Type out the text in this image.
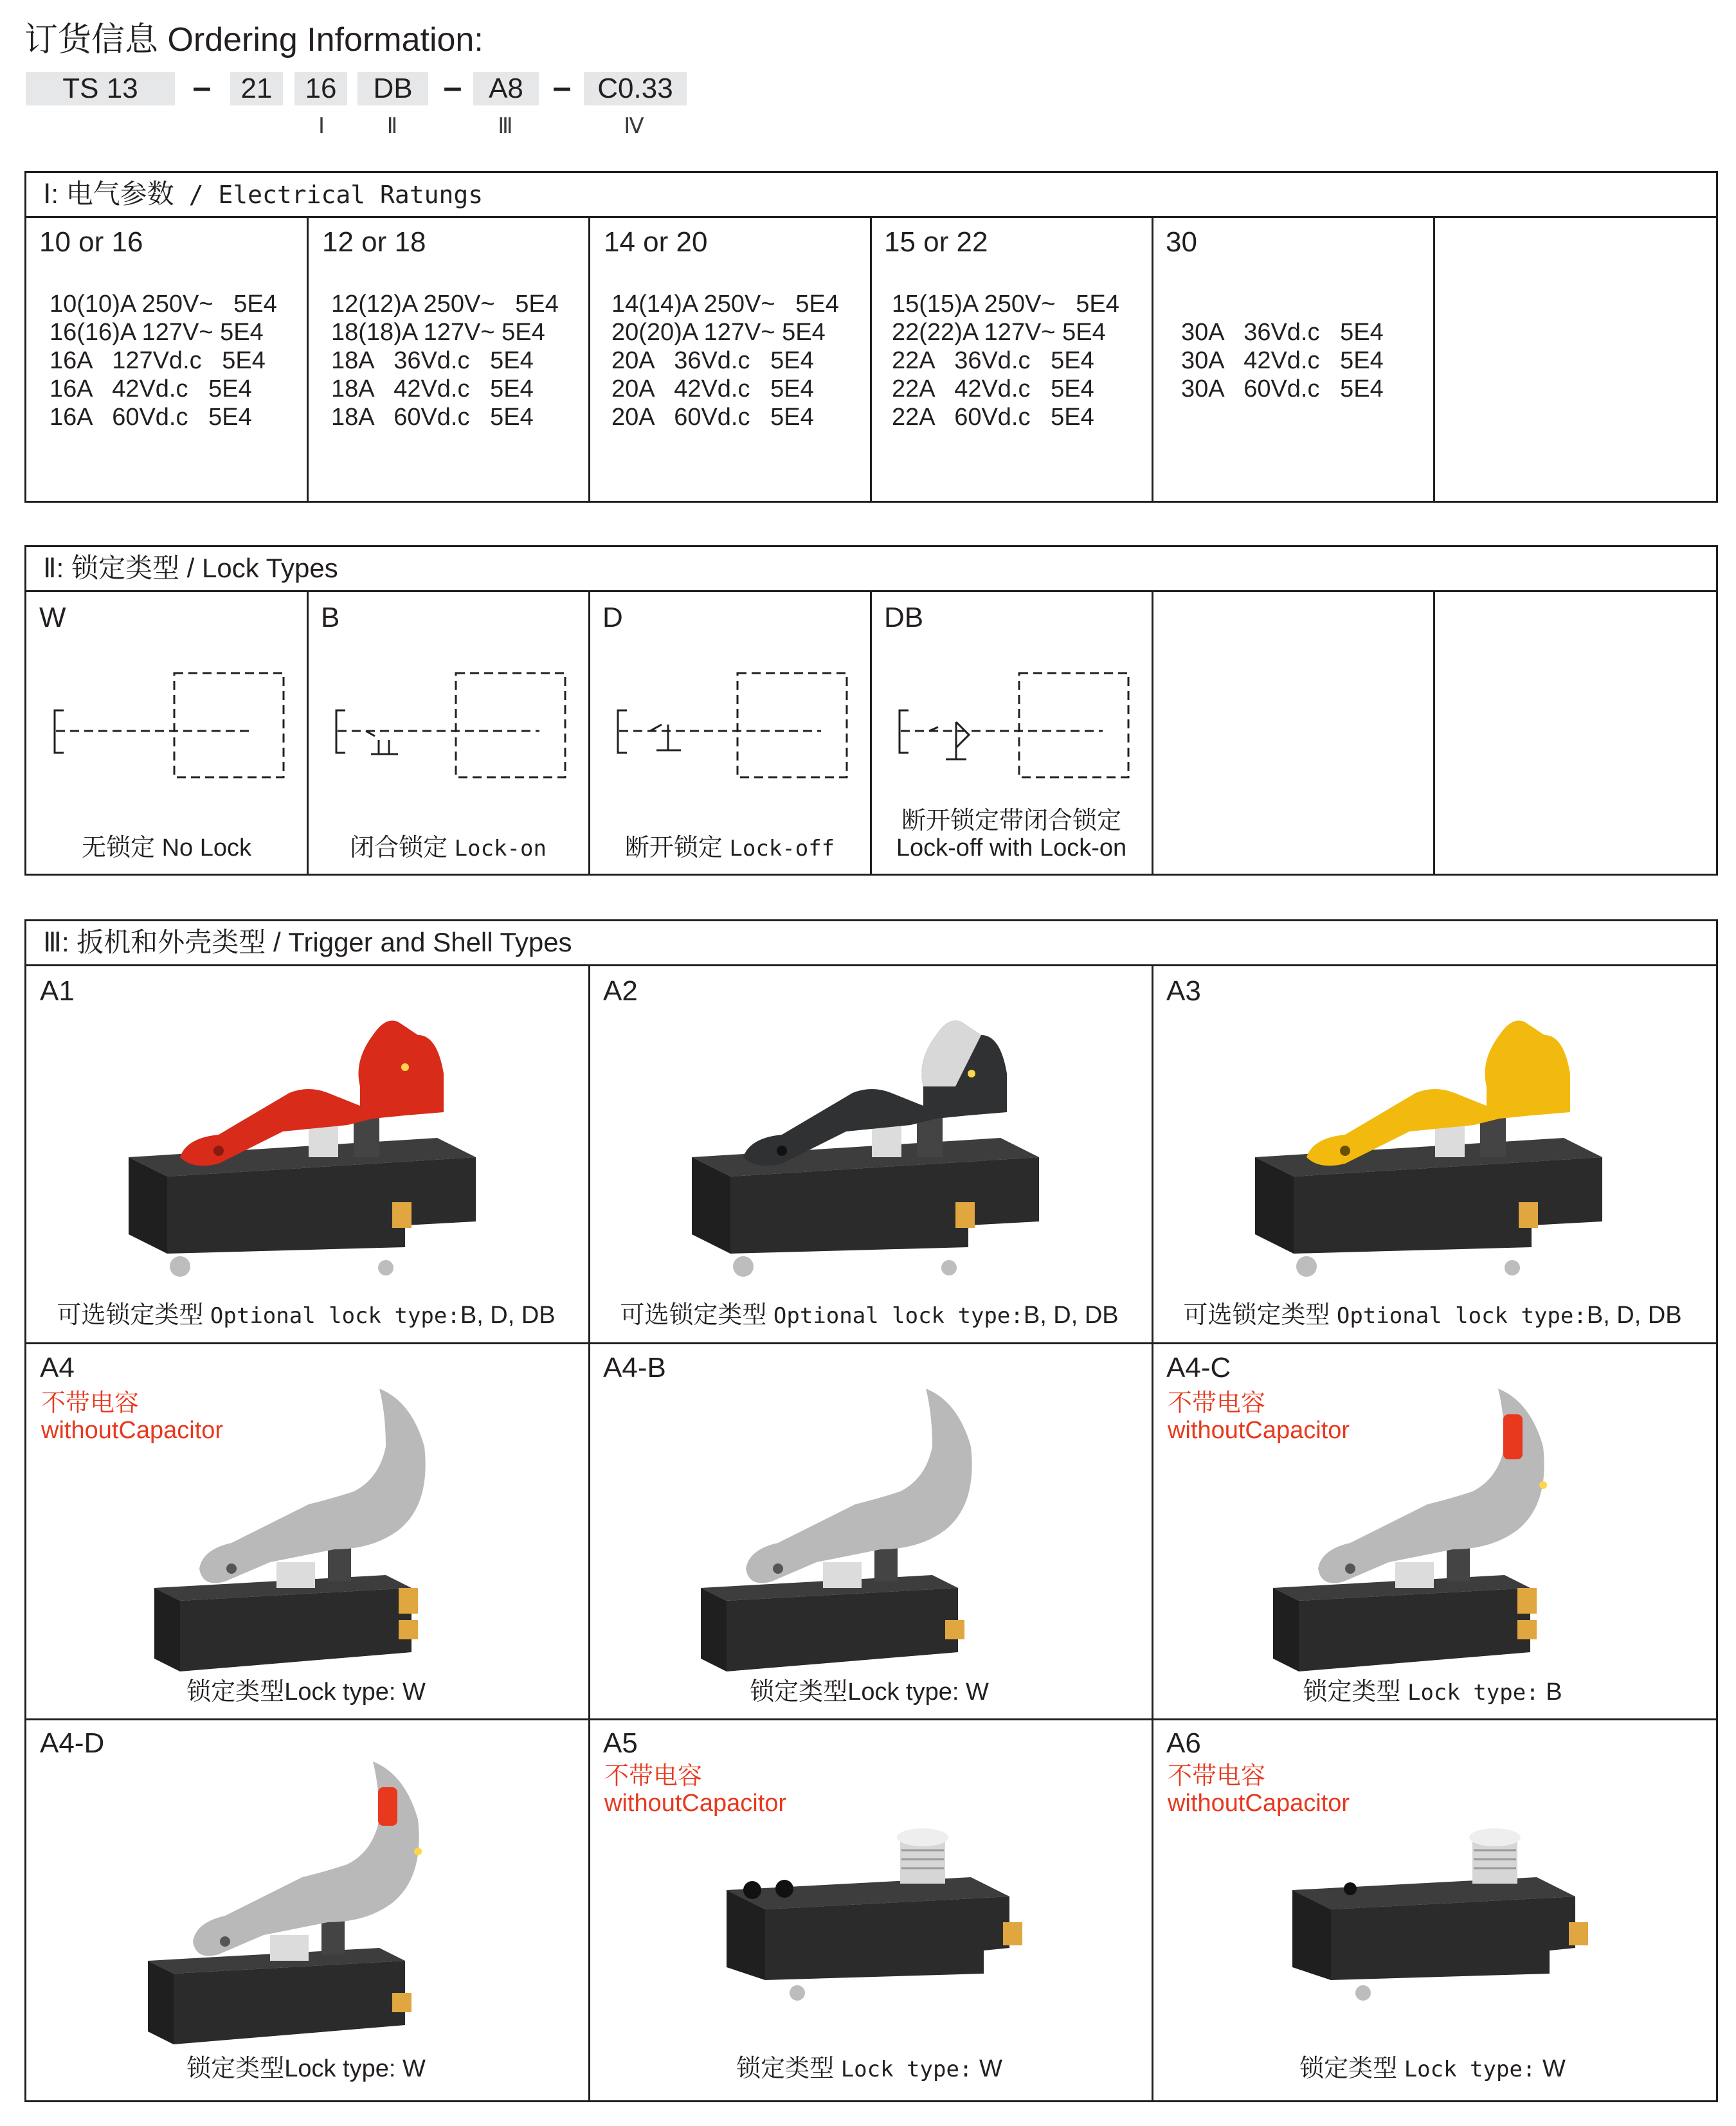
订货信息 Ordering Information:
TS 13	–	21	16	DB – A8 – C0.33
Ⅰ	Ⅱ	Ⅲ	Ⅳ
Ⅰ: 电气参数 / Electrical Ratungs
10 or 16
10(10)A 250V~   5E4
16(16)A 127V~ 5E4
16A   127Vd.c   5E4
16A   42Vd.c   5E4
16A   60Vd.c   5E4
12 or 18
12(12)A 250V~   5E4
18(18)A 127V~ 5E4
18A   36Vd.c   5E4
18A   42Vd.c   5E4
18A   60Vd.c   5E4
14 or 20
14(14)A 250V~   5E4
20(20)A 127V~ 5E4
20A   36Vd.c   5E4
20A   42Vd.c   5E4
20A   60Vd.c   5E4
15 or 22
15(15)A 250V~   5E4
22(22)A 127V~ 5E4
22A   36Vd.c   5E4
22A   42Vd.c   5E4
22A   60Vd.c   5E4
30
30A   36Vd.c   5E4
30A   42Vd.c   5E4
30A   60Vd.c   5E4
Ⅱ: 锁定类型 / Lock Types
W
无锁定 No Lock
B
闭合锁定 Lock-on
D
断开锁定 Lock-off
DB
断开锁定带闭合锁定
Lock-off with Lock-on
Ⅲ: 扳机和外壳类型 / Trigger and Shell Types
A1
可选锁定类型 Optional lock type:B, D, DB
A2
可选锁定类型 Optional lock type:B, D, DB
A3
可选锁定类型 Optional lock type:B, D, DB
A4
不带电容
withoutCapacitor
锁定类型Lock type: W
A4-B
锁定类型Lock type: W
A4-C
不带电容
withoutCapacitor
锁定类型 Lock type: B
A4-D
锁定类型Lock type: W
A5
不带电容
withoutCapacitor
锁定类型 Lock type: W
A6
不带电容
withoutCapacitor
锁定类型 Lock type: W
